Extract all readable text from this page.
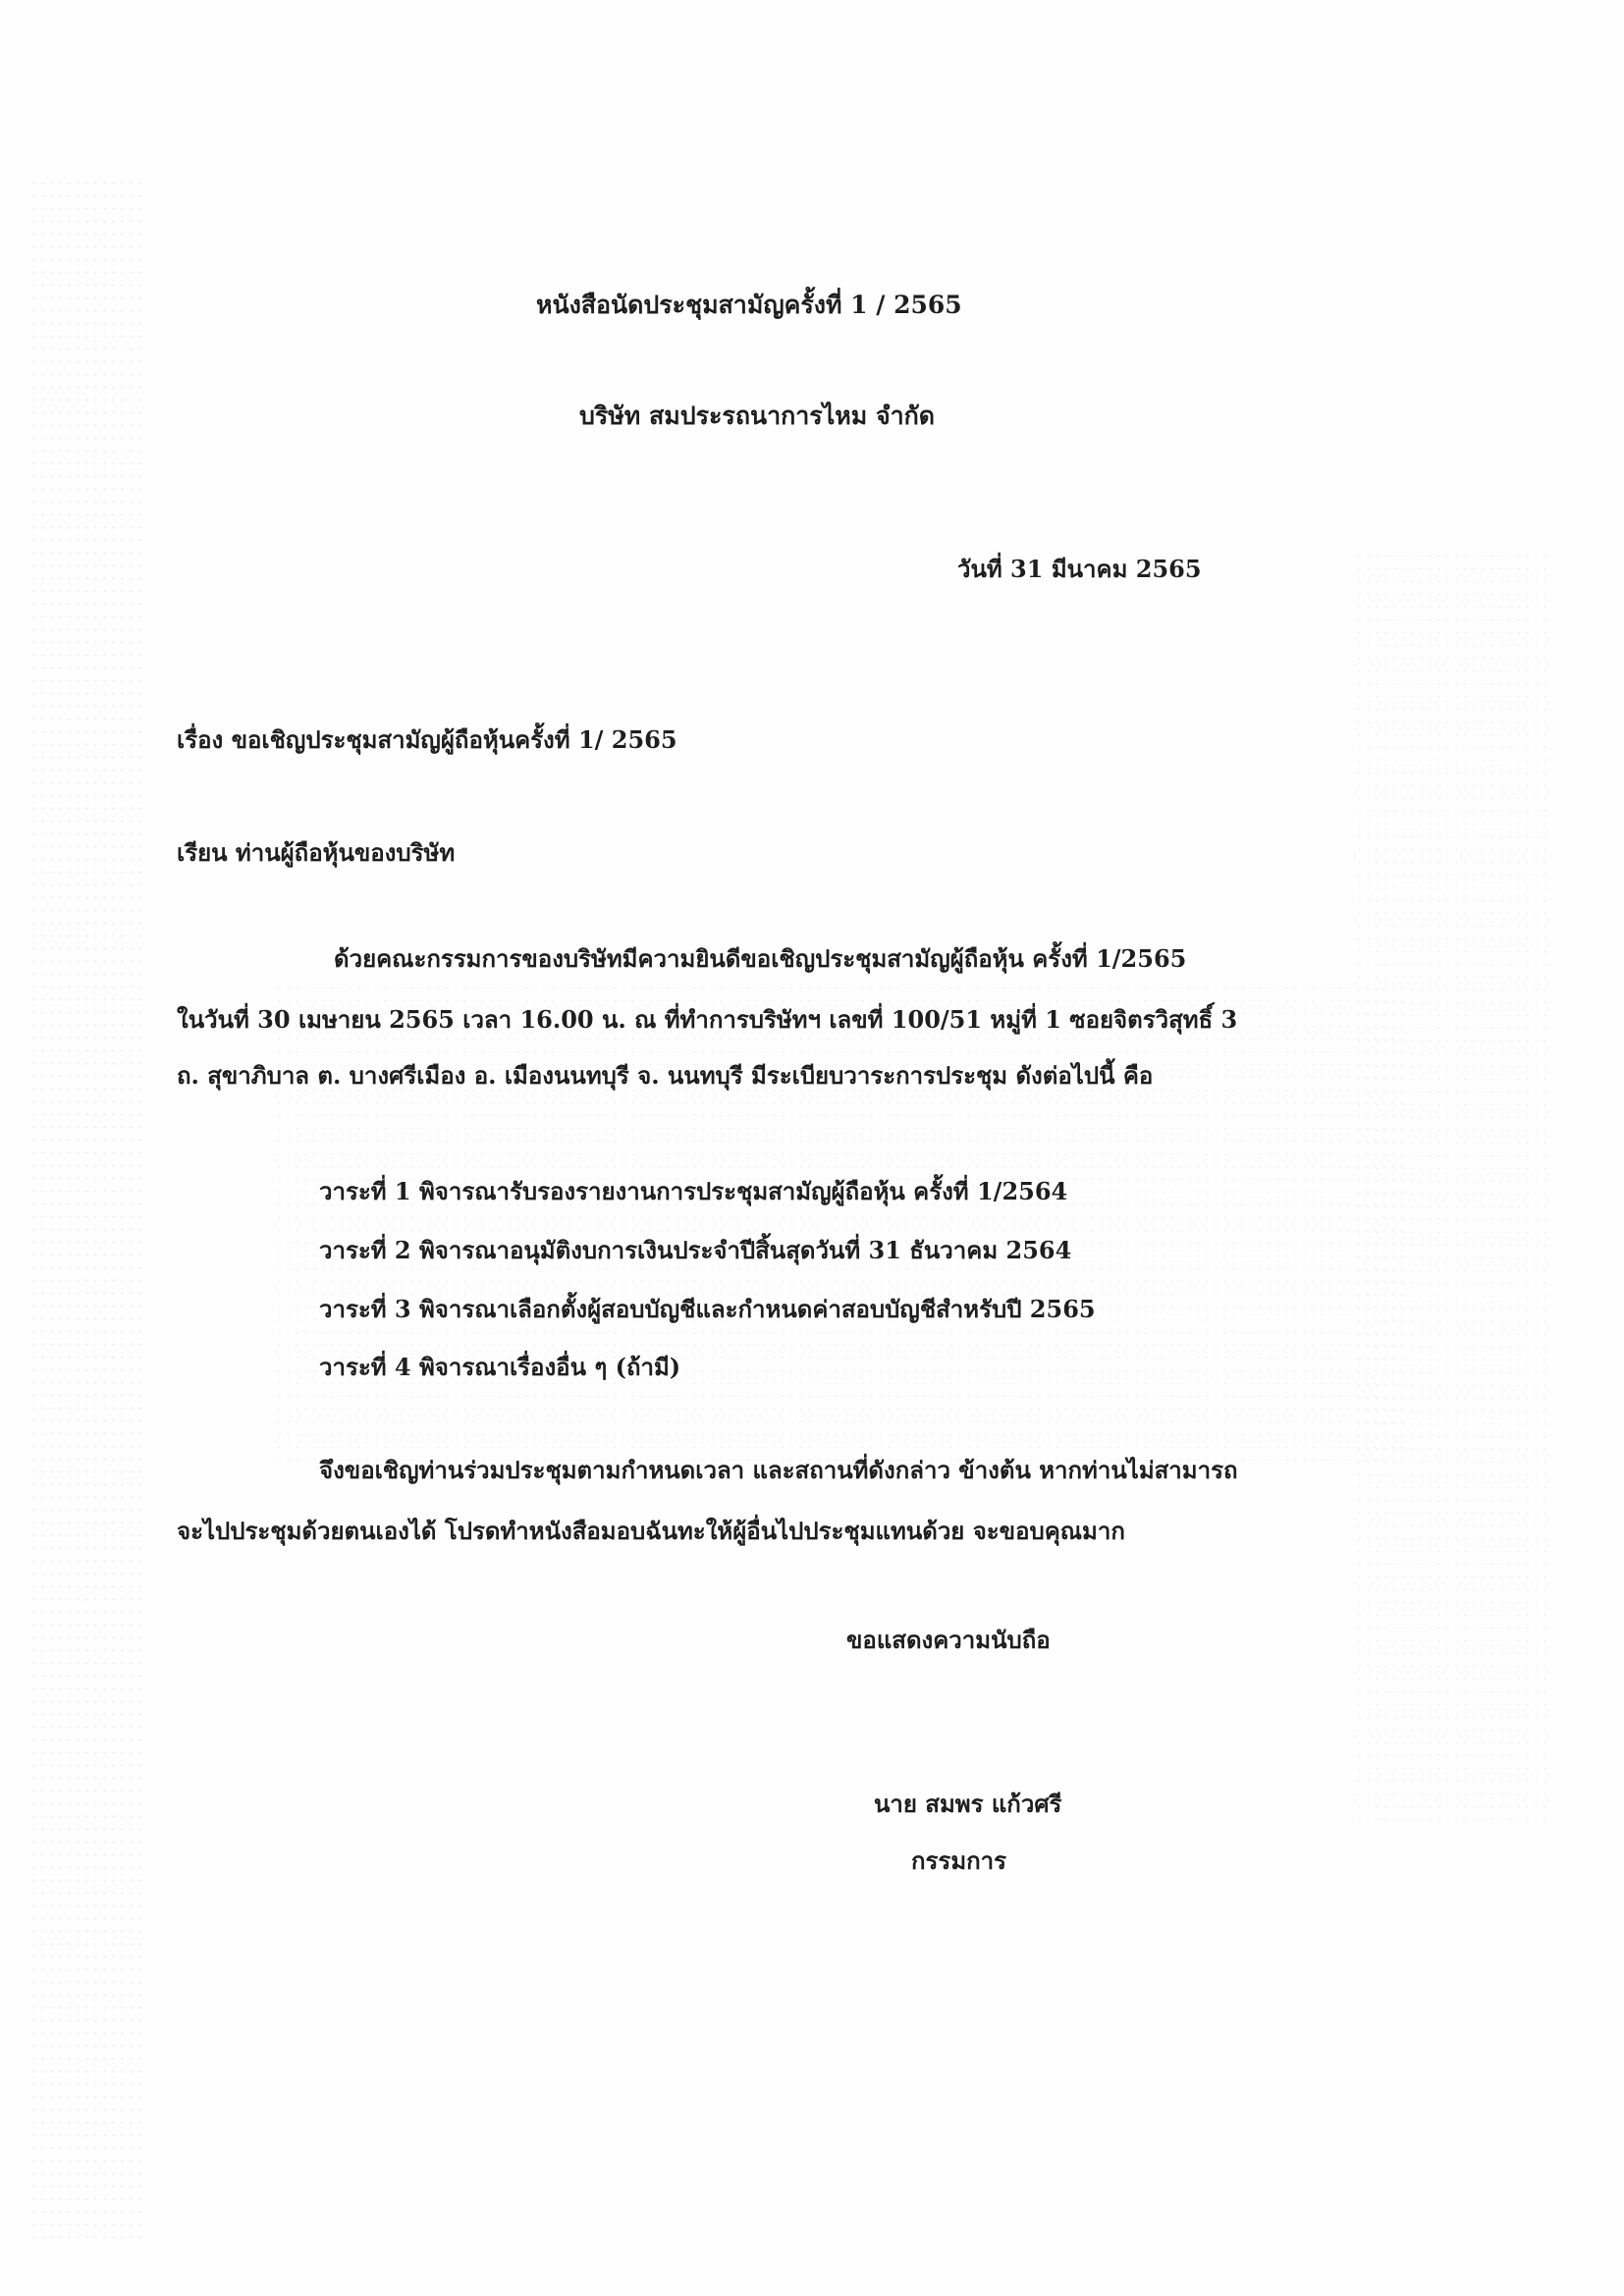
หนังสือนัดประชุมสามัญครั้งที่ 1 / 2565
บริษัท สมประรถนาการไหม จำกัด
วันที่ 31 มีนาคม 2565
เรื่อง ขอเชิญประชุมสามัญผู้ถือหุ้นครั้งที่ 1/ 2565
เรียน ท่านผู้ถือหุ้นของบริษัท
ด้วยคณะกรรมการของบริษัทมีความยินดีขอเชิญประชุมสามัญผู้ถือหุ้น ครั้งที่ 1/2565
ในวันที่ 30 เมษายน 2565 เวลา 16.00 น. ณ ที่ทำการบริษัทฯ เลขที่ 100/51 หมู่ที่ 1 ซอยจิตรวิสุทธิ์ 3
ถ. สุขาภิบาล ต. บางศรีเมือง อ. เมืองนนทบุรี จ. นนทบุรี มีระเบียบวาระการประชุม ดังต่อไปนี้ คือ
วาระที่ 1 พิจารณารับรองรายงานการประชุมสามัญผู้ถือหุ้น ครั้งที่ 1/2564
วาระที่ 2 พิจารณาอนุมัติงบการเงินประจำปีสิ้นสุดวันที่ 31 ธันวาคม 2564
วาระที่ 3 พิจารณาเลือกตั้งผู้สอบบัญชีและกำหนดค่าสอบบัญชีสำหรับปี 2565
วาระที่ 4 พิจารณาเรื่องอื่น ๆ (ถ้ามี)
จึงขอเชิญท่านร่วมประชุมตามกำหนดเวลา และสถานที่ดังกล่าว ข้างต้น หากท่านไม่สามารถ
จะไปประชุมด้วยตนเองได้ โปรดทำหนังสือมอบฉันทะให้ผู้อื่นไปประชุมแทนด้วย จะขอบคุณมาก
ขอแสดงความนับถือ
นาย สมพร แก้วศรี
กรรมการ
